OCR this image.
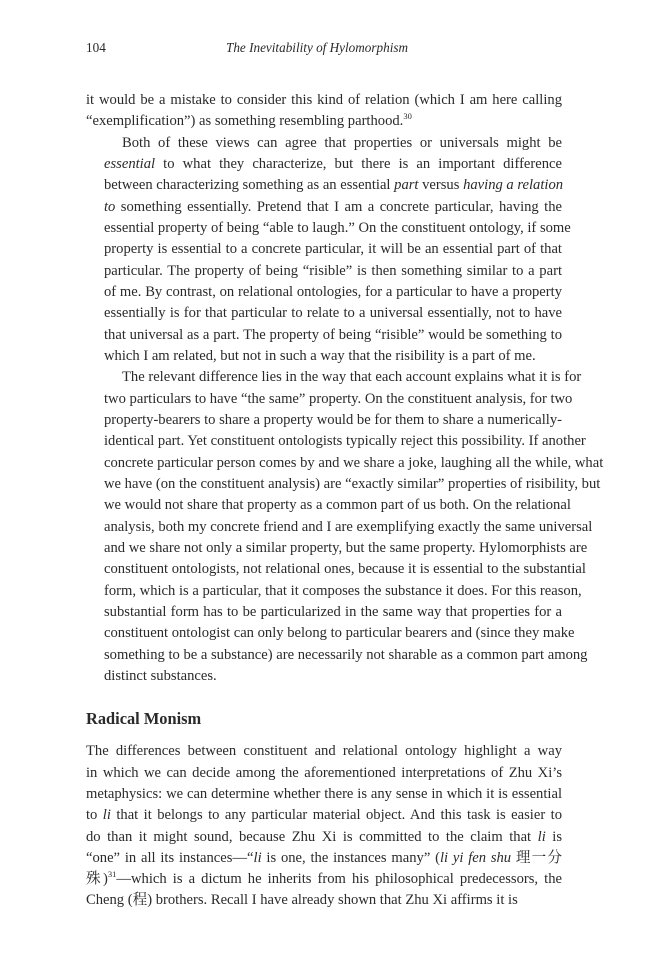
104	The Inevitability of Hylomorphism

it would be a mistake to consider this kind of relation (which I am here calling
“exemplification”) as something resembling parthood.$^{30}$

Both of these views can agree that properties or universals might be
essential to what they characterize, but there is an important difference
between characterizing something as an essential part versus having a relation
to something essentially. Pretend that I am a concrete particular, having the
essential property of being “able to laugh.” On the constituent ontology, if some
property is essential to a concrete particular, it will be an essential part of that
particular. The property of being “risible” is then something similar to a part
of me. By contrast, on relational ontologies, for a particular to have a property
essentially is for that particular to relate to a universal essentially, not to have
that universal as a part. The property of being “risible” would be something to
which I am related, but not in such a way that the risibility is a part of me.

The relevant difference lies in the way that each account explains what it is for
two particulars to have “the same” property. On the constituent analysis, for two
property-bearers to share a property would be for them to share a numerically-
identical part. Yet constituent ontologists typically reject this possibility. If another
concrete particular person comes by and we share a joke, laughing all the while, what
we have (on the constituent analysis) are “exactly similar” properties of risibility, but
we would not share that property as a common part of us both. On the relational
analysis, both my concrete friend and I are exemplifying exactly the same universal
and we share not only a similar property, but the same property. Hylomorphists are
constituent ontologists, not relational ones, because it is essential to the substantial
form, which is a particular, that it composes the substance it does. For this reason,
substantial form has to be particularized in the same way that properties for a
constituent ontologist can only belong to particular bearers and (since they make
something to be a substance) are necessarily not sharable as a common part among
distinct substances.

Radical Monism

The differences between constituent and relational ontology highlight a way
in which we can decide among the aforementioned interpretations of Zhu Xi’s
metaphysics: we can determine whether there is any sense in which it is essential
to li that it belongs to any particular material object. And this task is easier to
do than it might sound, because Zhu Xi is committed to the claim that li is
“one” in all its instances—“li is one, the instances many” (li yi fen shu 理一分
殊)$^{31}$—which is a dictum he inherits from his philosophical predecessors, the
Cheng (程) brothers. Recall I have already shown that Zhu Xi affirms it is
